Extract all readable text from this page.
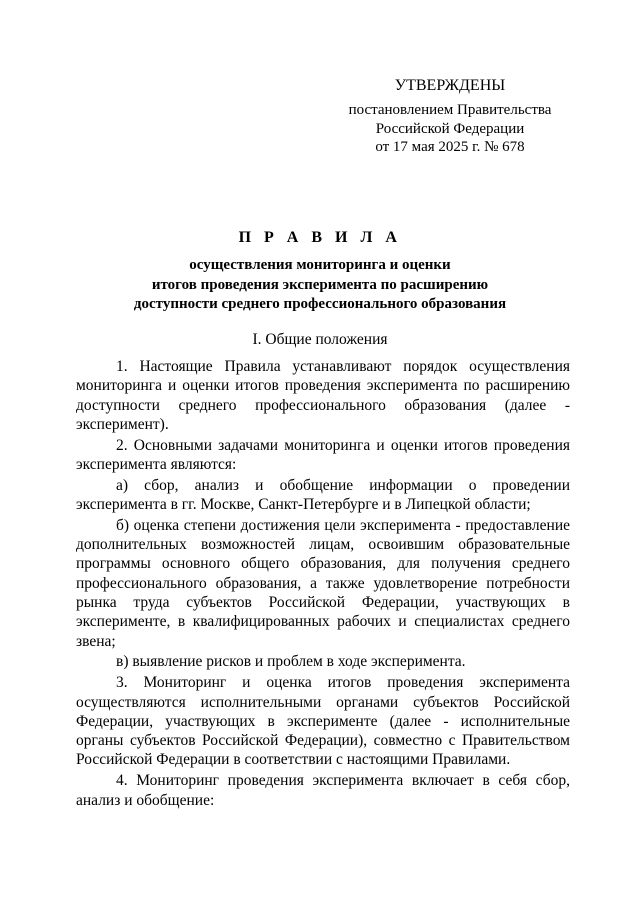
УТВЕРЖДЕНЫ
постановлением Правительства
Российской Федерации
от 17 мая 2025 г. № 678
П Р А В И Л А
осуществления мониторинга и оценки
итогов проведения эксперимента по расширению
доступности среднего профессионального образования
I. Общие положения

1. Настоящие Правила устанавливают порядок осуществления мониторинга и оценки итогов проведения эксперимента по расширению доступности среднего профессионального образования (далее - эксперимент).

2. Основными задачами мониторинга и оценки итогов проведения эксперимента являются:

а) сбор, анализ и обобщение информации о проведении эксперимента в гг. Москве, Санкт-Петербурге и в Липецкой области;

б) оценка степени достижения цели эксперимента - предоставление дополнительных возможностей лицам, освоившим образовательные программы основного общего образования, для получения среднего профессионального образования, а также удовлетворение потребности рынка труда субъектов Российской Федерации, участвующих в эксперименте, в квалифицированных рабочих и специалистах среднего звена;

в) выявление рисков и проблем в ходе эксперимента.

3. Мониторинг и оценка итогов проведения эксперимента осуществляются исполнительными органами субъектов Российской Федерации, участвующих в эксперименте (далее - исполнительные органы субъектов Российской Федерации), совместно с Правительством Российской Федерации в соответствии с настоящими Правилами.

4. Мониторинг проведения эксперимента включает в себя сбор, анализ и обобщение:
